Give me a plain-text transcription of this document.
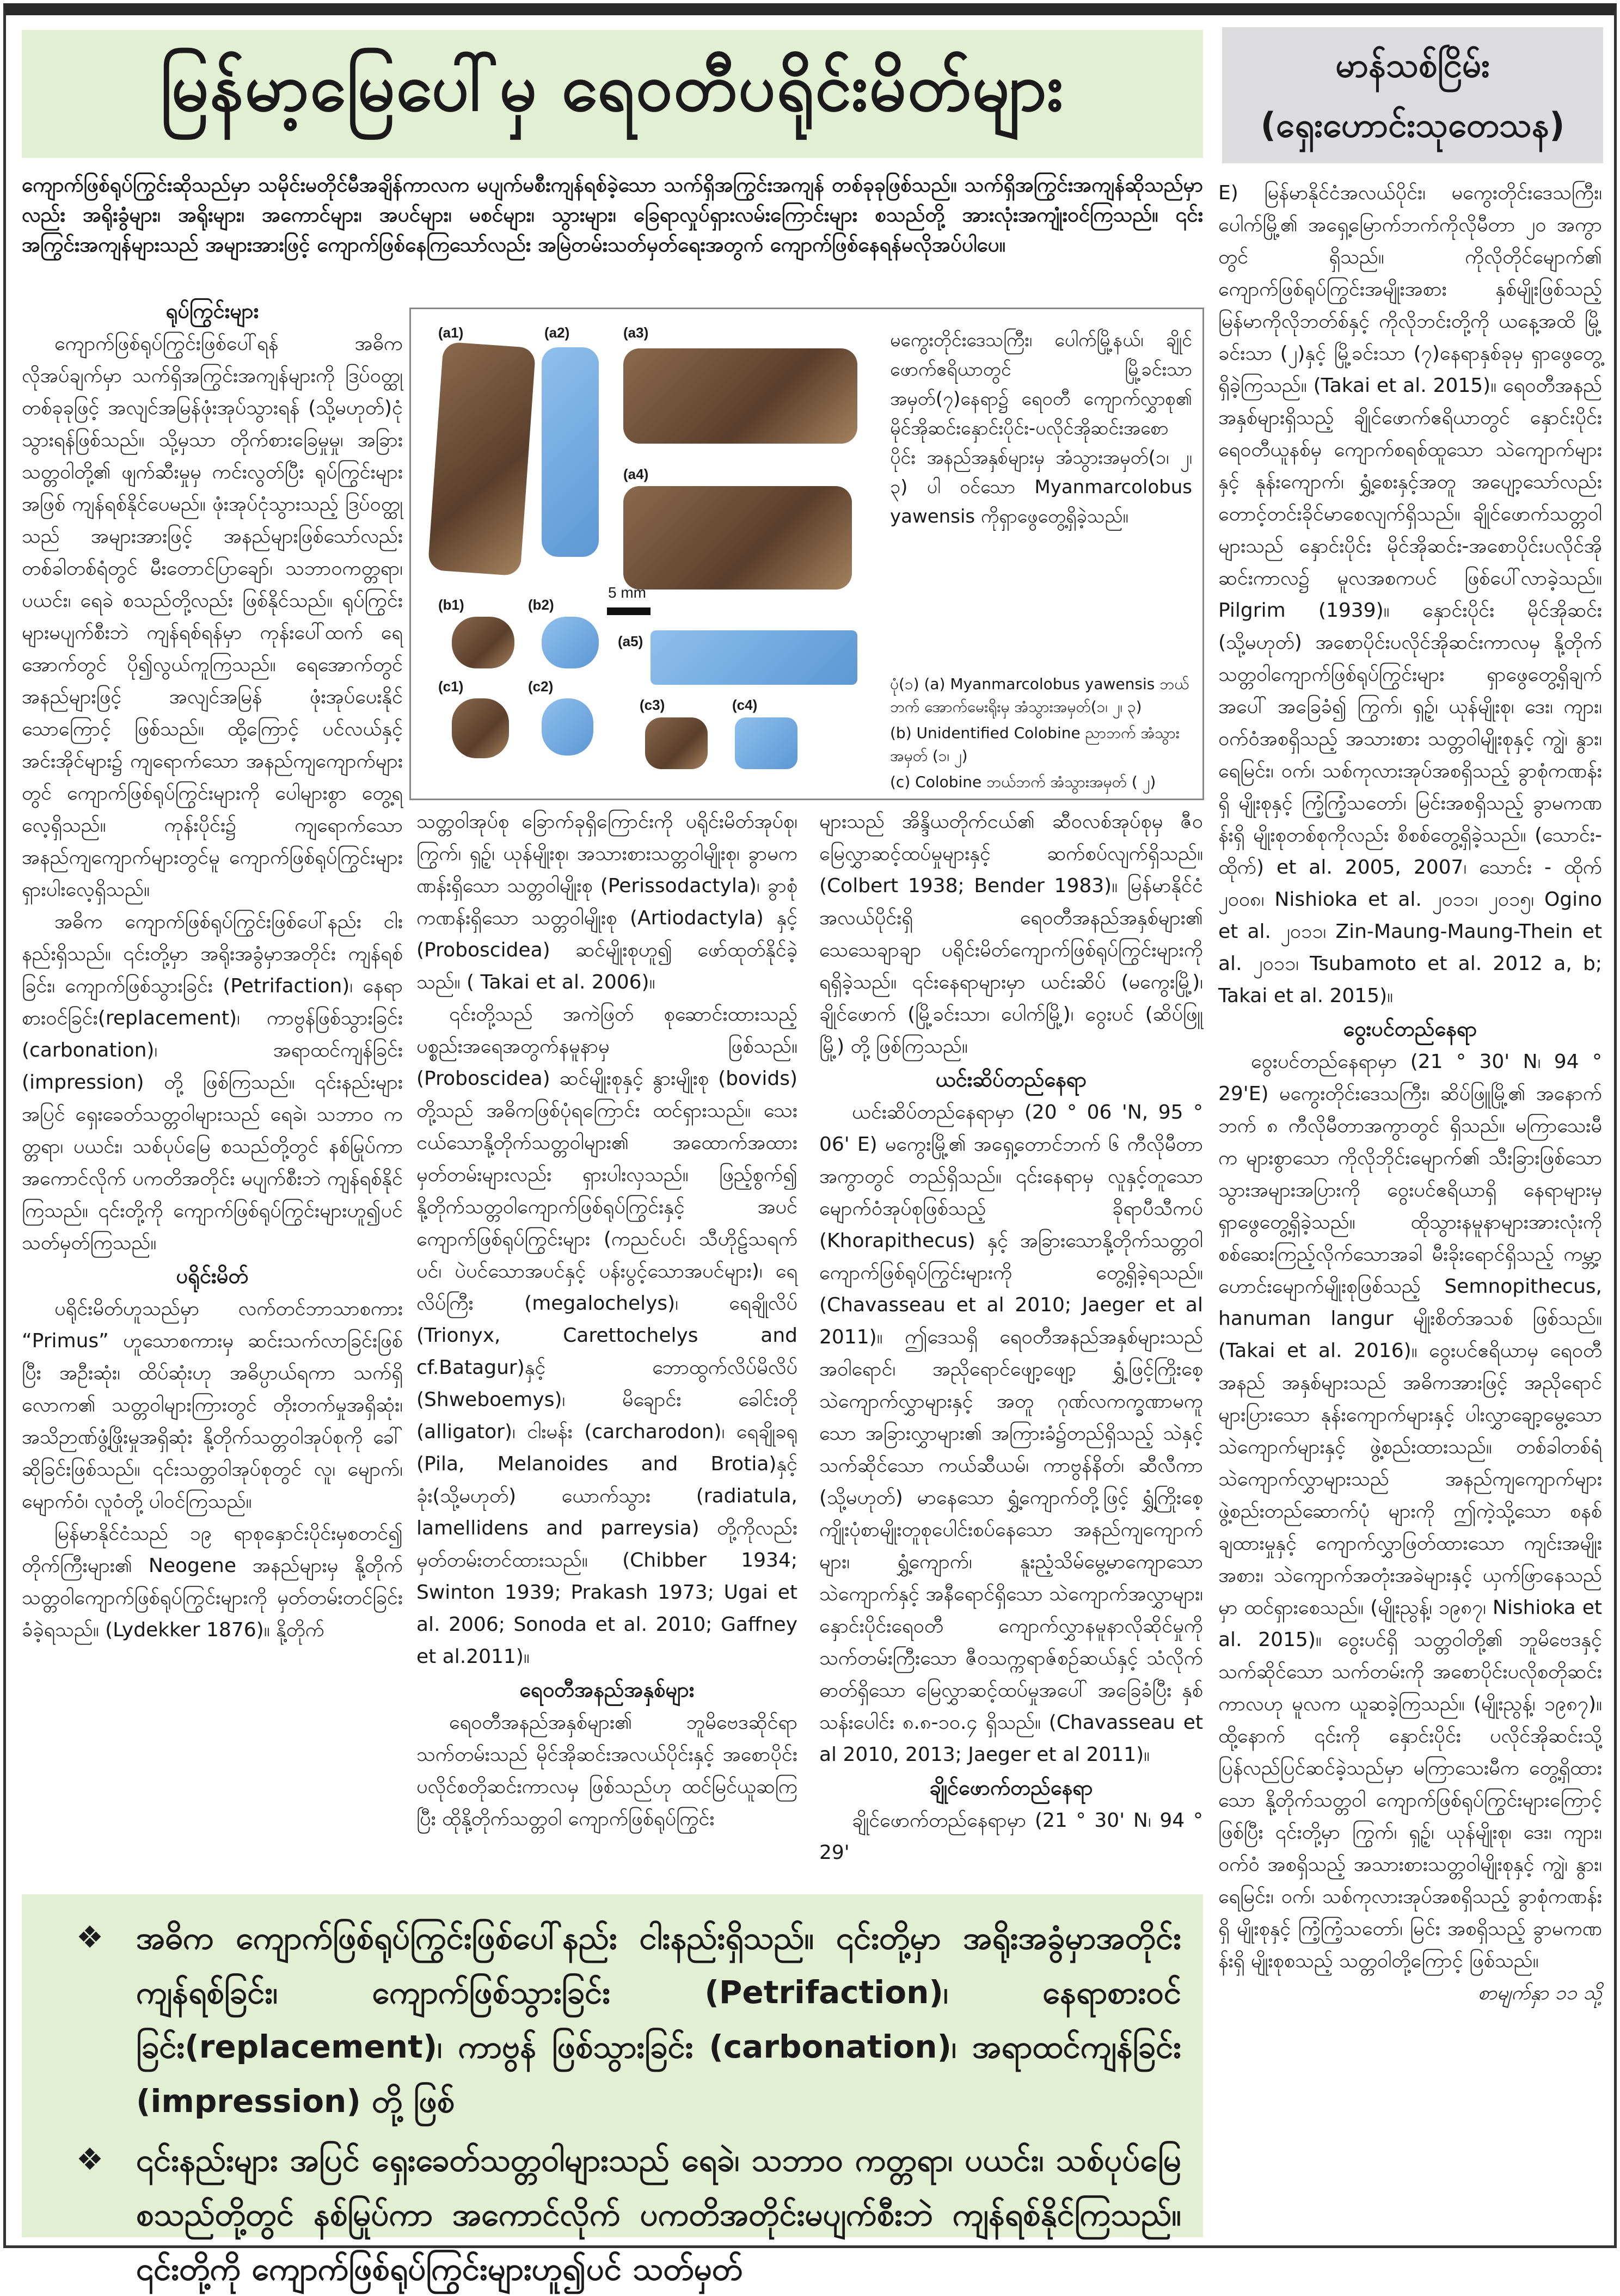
မြန်မာ့မြေပေါ်မှ ရေဝတီပရိုင်းမိတ်များ	မာန်သစ်ငြိမ်း
(ရှေးဟောင်းသုတေသန)

ကျောက်ဖြစ်ရုပ်ကြွင်းဆိုသည်မှာ သမိုင်းမတိုင်မီအချိန်ကာလက မပျက်မစီးကျန်ရစ်ခဲ့သော သက်ရှိအကြွင်းအကျန် တစ်ခုခုဖြစ်သည်။ သက်ရှိအကြွင်းအကျန်ဆိုသည်မှာလည်း အရိုးခွံများ၊ အရိုးများ၊ အကောင်များ၊ အပင်များ၊ မစင်များ၊ သွားများ၊ ခြေရာလှုပ်ရှားလမ်းကြောင်းများ စသည်တို့ အားလုံးအကျုံးဝင်ကြသည်။ ၎င်းအကြွင်းအကျန်များသည် အများအားဖြင့် ကျောက်ဖြစ်နေကြသော်လည်း အမြဲတမ်းသတ်မှတ်ရေးအတွက် ကျောက်ဖြစ်နေရန်မလိုအပ်ပါပေ။

ရုပ်ကြွင်းများ

ကျောက်ဖြစ်ရုပ်ကြွင်းဖြစ်ပေါ်ရန် အဓိက လိုအပ်ချက်မှာ သက်ရှိအကြွင်းအကျန်များကို ဒြပ်ဝတ္ထုတစ်ခုခုဖြင့် အလျင်အမြန်ဖုံးအုပ်သွားရန် (သို့မဟုတ်)ငုံသွားရန်ဖြစ်သည်။ သို့မှသာ တိုက်စားခြေမှုမှု၊ အခြားသတ္တဝါတို့၏ ဖျက်ဆီးမှုမှ ကင်းလွတ်ပြီး ရုပ်ကြွင်းများအဖြစ် ကျန်ရစ်နိုင်ပေမည်။ ဖုံးအုပ်ငုံသွားသည့် ဒြပ်ဝတ္ထုသည် အများအားဖြင့် အနည်များဖြစ်သော်လည်း တစ်ခါတစ်ရံတွင် မီးတောင်ပြာချော်၊ သဘာဝကတ္တရာ၊ ပယင်း၊ ရေခဲ စသည်တို့လည်း ဖြစ်နိုင်သည်။ ရုပ်ကြွင်းများမပျက်စီးဘဲ ကျန်ရစ်ရန်မှာ ကုန်းပေါ်ထက် ရေအောက်တွင် ပို၍လွယ်ကူကြသည်။ ရေအောက်တွင် အနည်များဖြင့် အလျင်အမြန် ဖုံးအုပ်ပေးနိုင်သောကြောင့် ဖြစ်သည်။ ထို့ကြောင့် ပင်လယ်နှင့် အင်းအိုင်များ၌ ကျရောက်သော အနည်ကျကျောက်များတွင် ကျောက်ဖြစ်ရုပ်ကြွင်းများကို ပေါများစွာ တွေ့ရလေ့ရှိသည်။ ကုန်းပိုင်း၌ ကျရောက်သော အနည်ကျကျောက်များတွင်မူ ကျောက်ဖြစ်ရုပ်ကြွင်းများ ရှားပါးလေ့ရှိသည်။

အဓိက ကျောက်ဖြစ်ရုပ်ကြွင်းဖြစ်ပေါ်နည်း ငါးနည်းရှိသည်။ ၎င်းတို့မှာ အရိုးအခွံမှာအတိုင်း ကျန်ရစ်ခြင်း၊ ကျောက်ဖြစ်သွားခြင်း (Petrifaction)၊ နေရာစားဝင်ခြင်း(replacement)၊ ကာဗွန်ဖြစ်သွားခြင်း (carbonation)၊ အရာထင်ကျန်ခြင်း (impression) တို့ ဖြစ်ကြသည်။ ၎င်းနည်းများ အပြင် ရှေးခေတ်သတ္တဝါများသည် ရေခဲ၊ သဘာဝ ကတ္တရာ၊ ပယင်း၊ သစ်ပုပ်မြေ စသည်တို့တွင် နစ်မြုပ်ကာ အကောင်လိုက် ပကတိအတိုင်း မပျက်စီးဘဲ ကျန်ရစ်နိုင်ကြသည်။ ၎င်းတို့ကို ကျောက်ဖြစ်ရုပ်ကြွင်းများဟူ၍ပင် သတ်မှတ်ကြသည်။

ပရိုင်းမိတ်

ပရိုင်းမိတ်ဟူသည်မှာ လက်တင်ဘာသာစကား “Primus” ဟူသောစကားမှ ဆင်းသက်လာခြင်းဖြစ်ပြီး အဦးဆုံး၊ ထိပ်ဆုံးဟု အဓိပ္ပာယ်ရကာ သက်ရှိလောက၏ သတ္တဝါများကြားတွင် တိုးတက်မှုအရှိဆုံး၊ အသိဉာဏ်ဖွံ့ဖြိုးမှုအရှိဆုံး နို့တိုက်သတ္တဝါအုပ်စုကို ခေါ်ဆိုခြင်းဖြစ်သည်။ ၎င်းသတ္တဝါအုပ်စုတွင် လူ၊ မျောက်၊ မျောက်ဝံ၊ လူဝံတို့ ပါဝင်ကြသည်။

မြန်မာနိုင်ငံသည် ၁၉ ရာစုနှောင်းပိုင်းမှစတင်၍ တိုက်ကြီးများ၏ Neogene အနည်များမှ နို့တိုက်သတ္တဝါကျောက်ဖြစ်ရုပ်ကြွင်းများကို မှတ်တမ်းတင်ခြင်းခံခဲ့ရသည်။ (Lydekker 1876)။ နို့တိုက်

(a1)	(a2)	(a3)
(a4)
(a5)
(b1)	(b2)
(c1)	(c2)
(c3)	(c4)
5 mm
မကွေးတိုင်းဒေသကြီး၊ ပေါက်မြို့နယ်၊ ချိုင်ဖောက်ဧရိယာတွင် မြို့ခင်းသာ အမှတ်(၇)နေရာ၌ ရေဝတီ ကျောက်လွှာစု၏ မိုင်အိုဆင်းနှောင်းပိုင်း-ပလိုင်အိုဆင်းအစောပိုင်း အနည်အနှစ်များမှ အံသွားအမှတ်(၁၊ ၂၊ ၃) ပါ ဝင်သော Myanmarcolobus yawensis ကိုရှာဖွေတွေ့ရှိခဲ့သည်။
ပုံ(၁) (a) Myanmarcolobus yawensis ဘယ်ဘက် အောက်မေးရိုးမှ အံသွားအမှတ်(၁၊ ၂၊ ၃)
(b) Unidentified Colobine ညာဘက် အံသွားအမှတ် (၁၊ ၂)
(c) Colobine ဘယ်ဘက် အံသွားအမှတ် ( ၂)

သတ္တဝါအုပ်စု ခြောက်ခုရှိကြောင်းကို ပရိုင်းမိတ်အုပ်စု၊ ကြွက်၊ ရှဉ့်၊ ယုန်မျိုးစု၊ အသားစားသတ္တဝါမျိုးစု၊ ခွာမကဏန်းရှိသော သတ္တဝါမျိုးစု (Perissodactyla)၊ ခွာစုံကဏန်းရှိသော သတ္တဝါမျိုးစု (Artiodactyla) နှင့် (Proboscidea) ဆင်မျိုးစုဟူ၍ ဖော်ထုတ်နိုင်ခဲ့သည်။ ( Takai et al. 2006)။

၎င်းတို့သည် အကဲဖြတ် စုဆောင်းထားသည့် ပစ္စည်းအရေအတွက်နမူနာမှ ဖြစ်သည်။ (Proboscidea) ဆင်မျိုးစုနှင့် နွားမျိုးစု (bovids) တို့သည် အဓိကဖြစ်ပုံရကြောင်း ထင်ရှားသည်။ သေးငယ်သောနို့တိုက်သတ္တဝါများ၏ အထောက်အထား မှတ်တမ်းများလည်း ရှားပါးလှသည်။ ဖြည့်စွက်၍ နို့တိုက်သတ္တဝါကျောက်ဖြစ်ရုပ်ကြွင်းနှင့် အပင်ကျောက်ဖြစ်ရုပ်ကြွင်းများ (ကညင်ပင်၊ သီဟိုဠ်သရက်ပင်၊ ပဲပင်သောအပင်နှင့် ပန်းပွင့်သောအပင်များ)၊ ရေလိပ်ကြီး (megalochelys)၊ ရေချိုလိပ် (Trionyx, Carettochelys and cf.Batagur)နှင့် ဘောထွက်လိပ်မိလိပ် (Shweboemys)၊ မိချောင်း ခေါင်းတို (alligator)၊ ငါးမန်း (carcharodon)၊ ရေချိုခရု (Pila, Melanoides and Brotia)နှင့် ခုံး(သို့မဟုတ်) ယောက်သွား (radiatula, lamellidens and parreysia) တို့ကိုလည်း မှတ်တမ်းတင်ထားသည်။ (Chibber 1934; Swinton 1939; Prakash 1973; Ugai et al. 2006; Sonoda et al. 2010; Gaffney et al.2011)။

ရေဝတီအနည်အနှစ်များ

ရေဝတီအနည်အနှစ်များ၏ ဘူမိဗေဒဆိုင်ရာ သက်တမ်းသည် မိုင်အိုဆင်းအလယ်ပိုင်းနှင့် အစောပိုင်း ပလိုင်စတိုဆင်းကာလမှ ဖြစ်သည်ဟု ထင်မြင်ယူဆကြပြီး ထိုနို့တိုက်သတ္တဝါ ကျောက်ဖြစ်ရုပ်ကြွင်း

များသည် အိန္ဒိယတိုက်ငယ်၏ ဆီဝလစ်အုပ်စုမှ ဇီဝမြေလွှာဆင့်ထပ်မှုများနှင့် ဆက်စပ်လျက်ရှိသည်။ (Colbert 1938; Bender 1983)။ မြန်မာနိုင်ငံ အလယ်ပိုင်းရှိ ရေဝတီအနည်အနှစ်များ၏ သေသေချာချာ ပရိုင်းမိတ်ကျောက်ဖြစ်ရုပ်ကြွင်းများကို ရရှိခဲ့သည်။ ၎င်းနေရာများမှာ ယင်းဆိပ် (မကွေးမြို့)၊ ချိုင်ဖောက် (မြို့ခင်းသာ၊ ပေါက်မြို့)၊ ဝွေးပင် (ဆိပ်ဖြူမြို့) တို့ ဖြစ်ကြသည်။

ယင်းဆိပ်တည်နေရာ

ယင်းဆိပ်တည်နေရာမှာ (20 ° 06 'N, 95 ° 06' E) မကွေးမြို့၏ အရှေ့တောင်ဘက် ၆ ကီလိုမီတာ အကွာတွင် တည်ရှိသည်။ ၎င်းနေရာမှ လူနှင့်တူသော မျောက်ဝံအုပ်စုဖြစ်သည့် ခိုရာပီသီကပ် (Khorapithecus) နှင့် အခြားသောနို့တိုက်သတ္တဝါ ကျောက်ဖြစ်ရုပ်ကြွင်းများကို တွေ့ရှိခဲ့ရသည်။ (Chavasseau et al 2010; Jaeger et al 2011)။ ဤဒေသရှိ ရေဝတီအနည်အနှစ်များသည် အဝါရောင်၊ အညိုရောင်ဖျော့ဖျော့ ရွှံ့ဖြင့်ကြိုးစေ့ သဲကျောက်လွှာများနှင့် အတူ ဂုဏ်လကက္ခဏာမကူသော အခြားလွှာများ၏ အကြားခံ၌တည်ရှိသည့် သဲနှင့်သက်ဆိုင်သော ကယ်ဆီယမ်၊ ကာဗွန်နိတ်၊ ဆီလီကာ (သို့မဟုတ်) မာနေသော ရွှံ့ကျောက်တို့ဖြင့် ရွှံ့ကြိုးစေ့ ကျိုးပုံစာမျိုးတူစုပေါင်းစပ်နေသော အနည်ကျကျောက်များ၊ ရွှံ့ကျောက်၊ နူးညံ့သိမ်မွေ့မာကျောသော သဲကျောက်နှင့် အနီရောင်ရှိသော သဲကျောက်အလွှာများ၊ နှောင်းပိုင်းရေဝတီ ကျောက်လွှာနမူနာလိုဆိုင်မှုကို သက်တမ်းကြီးသော ဇီဝသက္ကရာဇ်စဉ်ဆယ်နှင့် သံလိုက်ဓာတ်ရှိသော မြေလွှာဆင့်ထပ်မှုအပေါ် အခြေခံပြီး နှစ်သန်းပေါင်း ၈.၈-၁၀.၄ ရှိသည်။ (Chavasseau et al 2010, 2013; Jaeger et al 2011)။

ချိုင်ဖောက်တည်နေရာ

ချိုင်ဖောက်တည်နေရာမှာ (21 ° 30' N၊ 94 ° 29'

E) မြန်မာနိုင်ငံအလယ်ပိုင်း၊ မကွေးတိုင်းဒေသကြီး၊ ပေါက်မြို့၏ အရှေ့မြောက်ဘက်ကိုလိုမီတာ ၂၀ အကွာတွင် ရှိသည်။ ကိုလိုတိုင်မျောက်၏ ကျောက်ဖြစ်ရုပ်ကြွင်းအမျိုးအစား နှစ်မျိုးဖြစ်သည့် မြန်မာကိုလိုဘတ်စ်နှင့် ကိုလိုဘင်းတို့ကို ယနေ့အထိ မြို့ခင်းသာ (၂)နှင့် မြို့ခင်းသာ (၇)နေရာနှစ်ခုမှ ရှာဖွေတွေ့ရှိခဲ့ကြသည်။ (Takai et al. 2015)။ ရေဝတီအနည် အနှစ်များရှိသည့် ချိုင်ဖောက်ဧရိယာတွင် နှောင်းပိုင်းရေဝတီယူနစ်မှ ကျောက်စရစ်ထူသော သဲကျောက်များနှင့် နုန်းကျောက်၊ ရွှံ့စေးနှင့်အတူ အပျော့သော်လည်း တောင့်တင်းခိုင်မာစေလျက်ရှိသည်။ ချိုင်ဖောက်သတ္တဝါများသည် နှောင်းပိုင်း မိုင်အိုဆင်း-အစောပိုင်းပလိုင်အိုဆင်းကာလ၌ မူလအစကပင် ဖြစ်ပေါ်လာခဲ့သည်။ Pilgrim (1939)။ နှောင်းပိုင်း မိုင်အိုဆင်း (သို့မဟုတ်) အစောပိုင်းပလိုင်အိုဆင်းကာလမှ နို့တိုက်သတ္တဝါကျောက်ဖြစ်ရုပ်ကြွင်းများ ရှာဖွေတွေ့ရှိချက်အပေါ် အခြေခံ၍ ကြွက်၊ ရှဉ့်၊ ယုန်မျိုးစု၊ ဒေး၊ ကျား၊ ဝက်ဝံအစရှိသည့် အသားစား သတ္တဝါမျိုးစုနှင့် ကျွဲ၊ နွား၊ ရေမြင်း၊ ဝက်၊ သစ်ကုလားအုပ်အစရှိသည့် ခွာစုံကဏန်းရှိ မျိုးစုနှင့် ကြံ့ကြံ့သတော်၊ မြင်းအစရှိသည့် ခွာမကဏန်းရှိ မျိုးစုတစ်စုကိုလည်း စိစစ်တွေ့ရှိခဲ့သည်။ (သောင်း-ထိုက်) et al. 2005, 2007၊ သောင်း - ထိုက် ၂၀၀၈၊ Nishioka et al. ၂၀၁၁၊ ၂၀၁၅၊ Ogino et al. ၂၀၁၁၊ Zin-Maung-Maung-Thein et al. ၂၀၁၁၊ Tsubamoto et al. 2012 a, b; Takai et al. 2015)။

ဝွေးပင်တည်နေရာ

ဝွေးပင်တည်နေရာမှာ (21 ° 30' N၊ 94 ° 29'E) မကွေးတိုင်းဒေသကြီး၊ ဆိပ်ဖြူမြို့၏ အနောက်ဘက် ၈ ကီလိုမီတာအကွာတွင် ရှိသည်။ မကြာသေးမီက များစွာသော ကိုလိုဘိုင်းမျောက်၏ သီးခြားဖြစ်သော သွားအများအပြားကို ဝွေးပင်ဧရိယာရှိ နေရာများမှ ရှာဖွေတွေ့ရှိခဲ့သည်။ ထိုသွားနမူနာများအားလုံးကို စစ်ဆေးကြည့်လိုက်သောအခါ မီးခိုးရောင်ရှိသည့် ကမ္ဘာ့ဟောင်းမျောက်မျိုးစုဖြစ်သည့် Semnopithecus, hanuman langur မျိုးစိတ်အသစ် ဖြစ်သည်။ (Takai et al. 2016)။ ဝွေးပင်ဧရိယာမှ ရေဝတီအနည် အနှစ်များသည် အဓိကအားဖြင့် အညိုရောင်များပြားသော နုန်းကျောက်များနှင့် ပါးလွှာချော့မွေ့သော သဲကျောက်များနှင့် ဖွဲ့စည်းထားသည်။ တစ်ခါတစ်ရံ သဲကျောက်လွှာများသည် အနည်ကျကျောက်များ ဖွဲ့စည်းတည်ဆောက်ပုံ များကို ဤကဲ့သို့သော စနစ်ချထားမှုနှင့် ကျောက်လွှာဖြတ်ထားသော ကျင်းအမျိုးအစား၊ သဲကျောက်အတုံးအခဲများနှင့် ယှက်ဖြာနေသည်မှာ ထင်ရှားစေသည်။ (မျိုးညွန့်၊ ၁၉၈၇၊ Nishioka et al. 2015)။ ဝွေးပင်ရှိ သတ္တဝါတို့၏ ဘူမိဗေဒနှင့် သက်ဆိုင်သော သက်တမ်းကို အစောပိုင်းပလိုစတိုဆင်းကာလဟု မူလက ယူဆခဲ့ကြသည်။ (မျိုးညွန့်၊ ၁၉၈၇)။ ထို့နောက် ၎င်းကို နှောင်းပိုင်း ပလိုင်အိုဆင်းသို့ ပြန်လည်ပြင်ဆင်ခဲ့သည်မှာ မကြာသေးမီက တွေ့ရှိထားသော နို့တိုက်သတ္တဝါ ကျောက်ဖြစ်ရုပ်ကြွင်းများကြောင့်ဖြစ်ပြီး ၎င်းတို့မှာ ကြွက်၊ ရှဉ့်၊ ယုန်မျိုးစု၊ ဒေး၊ ကျား၊ ဝက်ဝံ အစရှိသည့် အသားစားသတ္တဝါမျိုးစုနှင့် ကျွဲ၊ နွား၊ ရေမြင်း၊ ဝက်၊ သစ်ကုလားအုပ်အစရှိသည့် ခွာစုံကဏန်းရှိ မျိုးစုနှင့် ကြံ့ကြံ့သတော်၊ မြင်း အစရှိသည့် ခွာမကဏန်းရှိ မျိုးစုစသည့် သတ္တဝါတို့ကြောင့် ဖြစ်သည်။

စာမျက်နှာ ၁၁ သို့
❖	အဓိက ကျောက်ဖြစ်ရုပ်ကြွင်းဖြစ်ပေါ်နည်း ငါးနည်းရှိသည်။ ၎င်းတို့မှာ အရိုးအခွံမှာအတိုင်း ကျန်ရစ်ခြင်း၊ ကျောက်ဖြစ်သွားခြင်း (Petrifaction)၊ နေရာစားဝင်ခြင်း(replacement)၊ ကာဗွန် ဖြစ်သွားခြင်း (carbonation)၊ အရာထင်ကျန်ခြင်း (impression) တို့ ဖြစ်
❖	၎င်းနည်းများ အပြင် ရှေးခေတ်သတ္တဝါများသည် ရေခဲ၊ သဘာဝ ကတ္တရာ၊ ပယင်း၊ သစ်ပုပ်မြေ စသည်တို့တွင် နစ်မြုပ်ကာ အကောင်လိုက် ပကတိအတိုင်းမပျက်စီးဘဲ ကျန်ရစ်နိုင်ကြသည်။ ၎င်းတို့ကို ကျောက်ဖြစ်ရုပ်ကြွင်းများဟူ၍ပင် သတ်မှတ်
